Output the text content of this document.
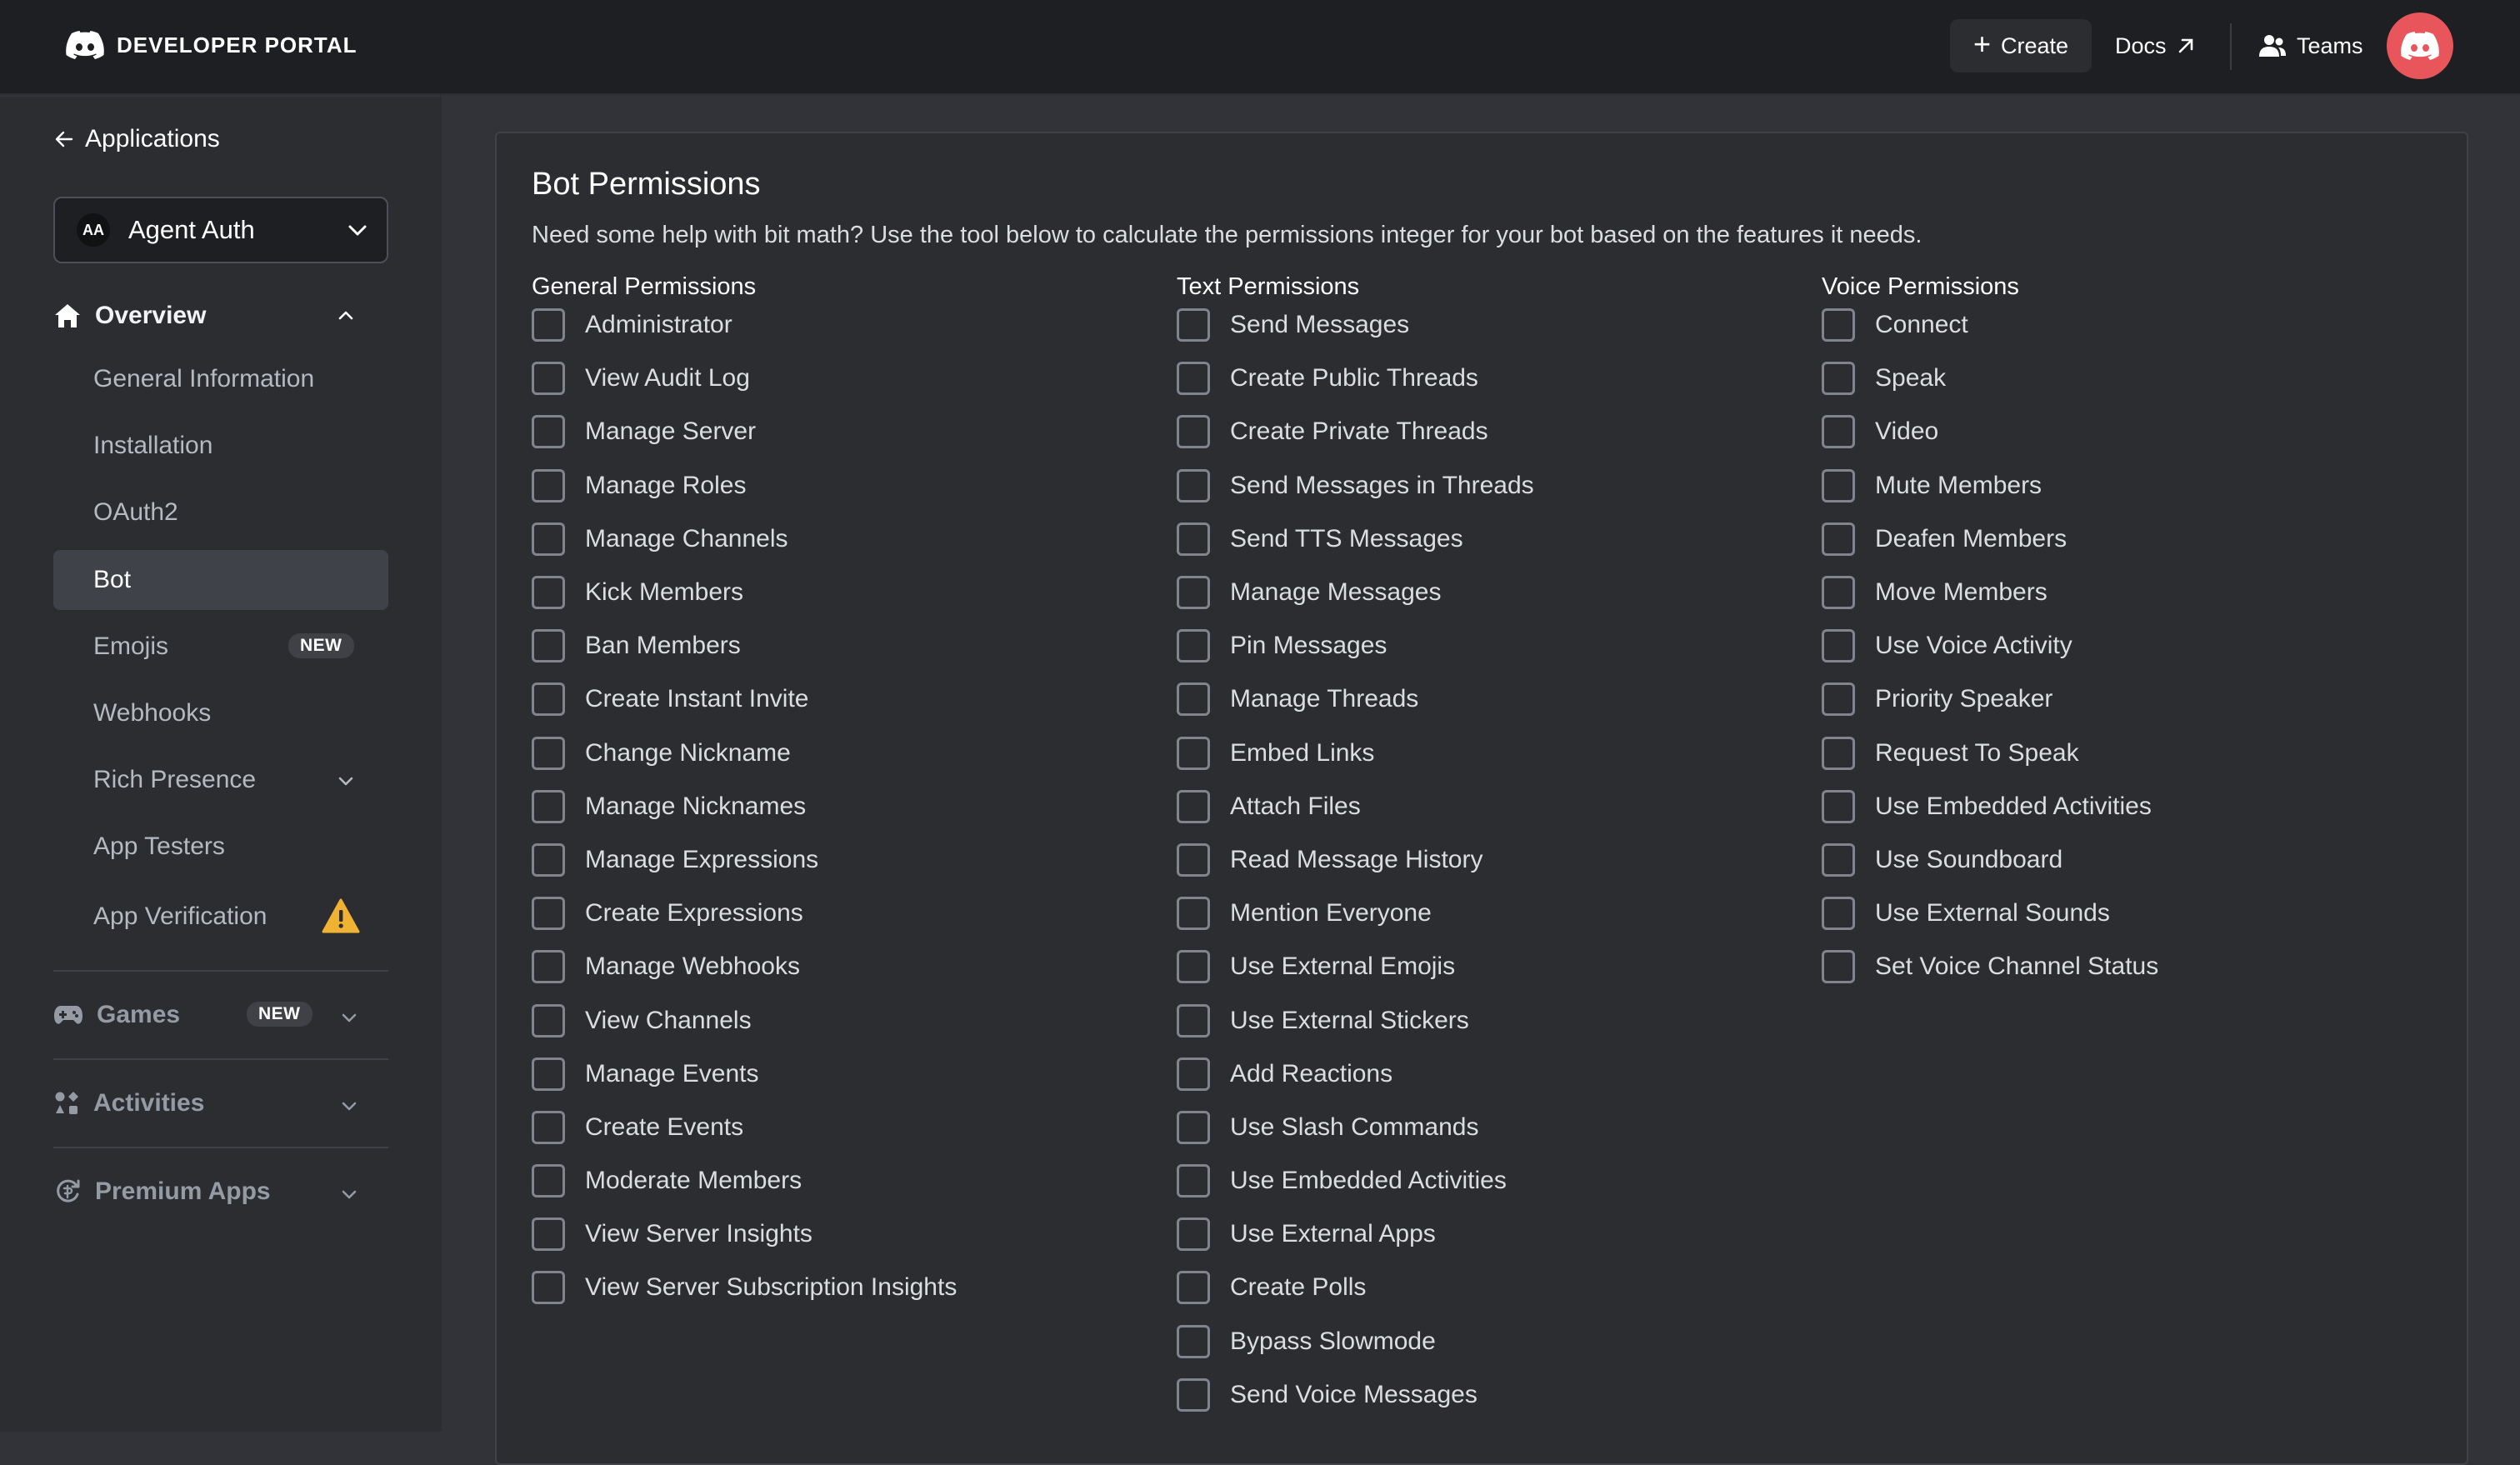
DEVELOPER PORTAL	+ Create Docs	Teams
Applications
AA Agent Auth
Overview
General Information
Installation
OAuth2
Bot
Emojis	NEW
Webhooks
Rich Presence
App Testers
App Verification
Games	NEW
Activities
Premium Apps
Bot Permissions
Need some help with bit math? Use the tool below to calculate the permissions integer for your bot based on the features it needs.
General Permissions
Administrator
View Audit Log
Manage Server
Manage Roles
Manage Channels
Kick Members
Ban Members
Create Instant Invite
Change Nickname
Manage Nicknames
Manage Expressions
Create Expressions
Manage Webhooks
View Channels
Manage Events
Create Events
Moderate Members
View Server Insights
View Server Subscription Insights
Text Permissions
Send Messages
Create Public Threads
Create Private Threads
Send Messages in Threads
Send TTS Messages
Manage Messages
Pin Messages
Manage Threads
Embed Links
Attach Files
Read Message History
Mention Everyone
Use External Emojis
Use External Stickers
Add Reactions
Use Slash Commands
Use Embedded Activities
Use External Apps
Create Polls
Bypass Slowmode
Send Voice Messages
Voice Permissions
Connect
Speak
Video
Mute Members
Deafen Members
Move Members
Use Voice Activity
Priority Speaker
Request To Speak
Use Embedded Activities
Use Soundboard
Use External Sounds
Set Voice Channel Status
